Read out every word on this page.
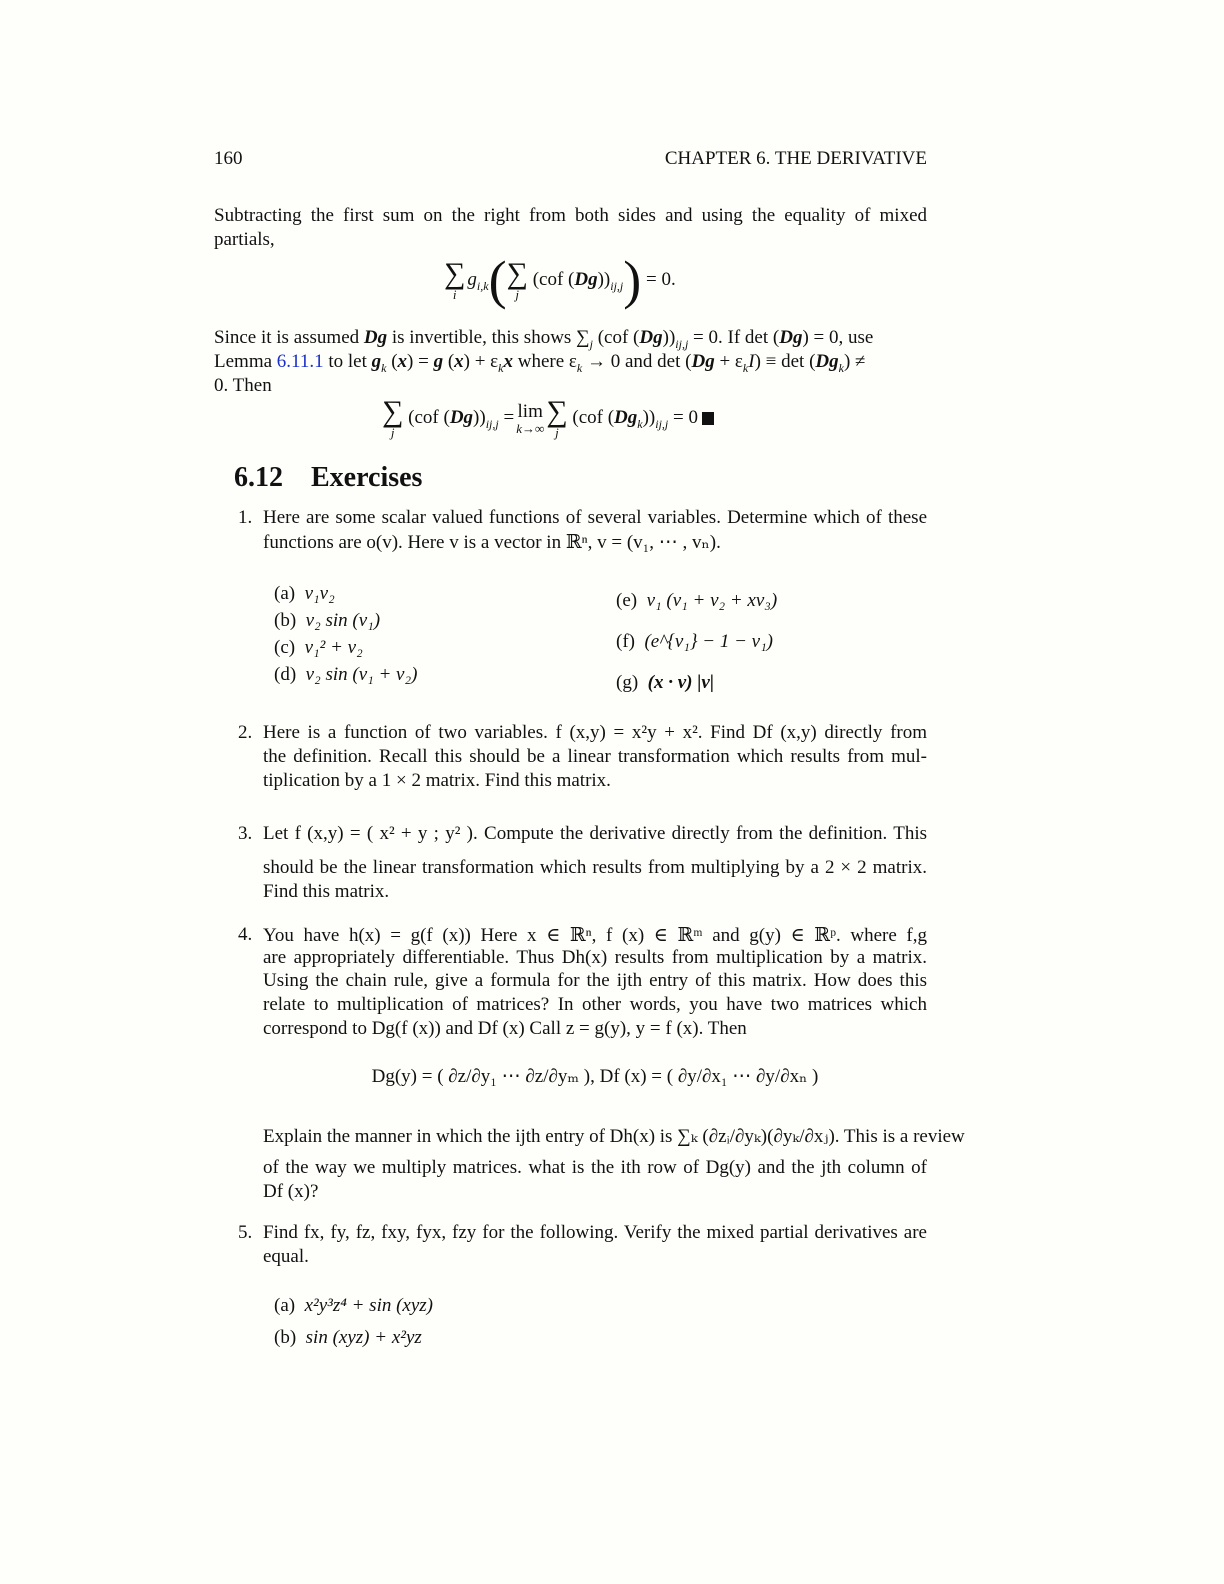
160	CHAPTER 6. THE DERIVATIVE
Subtracting the first sum on the right from both sides and using the equality of mixed
partials,
∑
i
$g_{i,k}$ ( ∑
j
(cof $(Dg))_{ij,j}$ ) = 0.
Since it is assumed Dg is invertible, this shows $\sum_j$ (cof $(Dg))_{ij,j} = 0$. If det (Dg) = 0, use
Lemma 6.11.1 to let $g_k$ (x) = g $(x) + \varepsilon_kx$ where $\varepsilon_k \to 0$ and $\det (Dg + \varepsilon_kI) \equiv \det (Dg_k)$ ≠
0. Then
∑
j
(cof $(Dg))_{ij,j} = \lim$
k→∞
∑
j
(cof $(Dg_k))_{ij,j} = 0$
6.12 Exercises
1. Here are some scalar valued functions of several variables. Determine which of these
functions are o(v). Here v is a vector in ℝⁿ, v = (v₁, ⋯ , vₙ).
(a) v₁v₂
(b) v₂ sin (v₁)
(c) v₁² + v₂
(d) v₂ sin (v₁ + v₂)
(e) v₁ (v₁ + v₂ + xv₃)
(f) (e^{v₁} − 1 − v₁)
(g) (x · v) |v|
2. Here is a function of two variables. f (x,y) = x²y + x². Find Df (x,y) directly from
the definition. Recall this should be a linear transformation which results from mul-
tiplication by a 1 × 2 matrix. Find this matrix.
3. Let f (x,y) = ( x² + y ; y² ). Compute the derivative directly from the definition. This
should be the linear transformation which results from multiplying by a 2 × 2 matrix.
Find this matrix.
4. You have h(x) = g(f (x)) Here x ∈ ℝⁿ, f (x) ∈ ℝᵐ and g(y) ∈ ℝᵖ. where f,g
are appropriately differentiable. Thus Dh(x) results from multiplication by a matrix.
Using the chain rule, give a formula for the ijth entry of this matrix. How does this
relate to multiplication of matrices? In other words, you have two matrices which
correspond to Dg(f (x)) and Df (x) Call z = g(y), y = f (x). Then
Dg(y) = ( ∂z/∂y₁ ⋯ ∂z/∂yₘ ), Df (x) = ( ∂y/∂x₁ ⋯ ∂y/∂xₙ )
Explain the manner in which the ijth entry of Dh(x) is ∑ₖ (∂zᵢ/∂yₖ)(∂yₖ/∂xⱼ). This is a review
of the way we multiply matrices. what is the ith row of Dg(y) and the jth column of
Df (x)?
5. Find fx, fy, fz, fxy, fyx, fzy for the following. Verify the mixed partial derivatives are
equal.
(a) x²y³z⁴ + sin (xyz)
(b) sin (xyz) + x²yz
